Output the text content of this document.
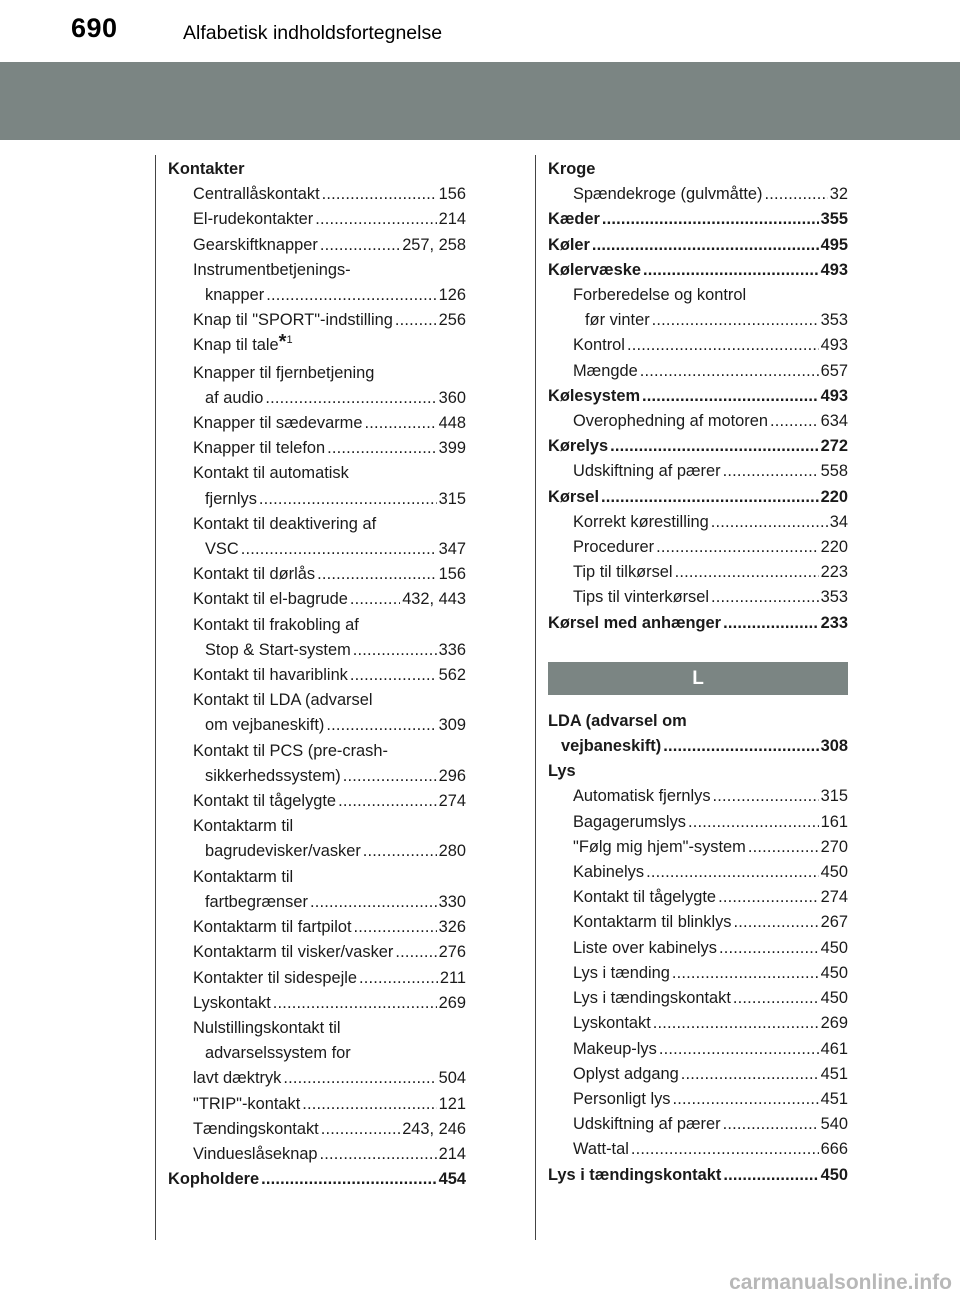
690	Alfabetisk indholdsfortegnelse
Kontakter
Centrallåskontakt .....	156
El-rudekontakter .....	214
Gearskiftknapper .....	257, 258
Instrumentbetjenings-
knapper .....	126
Knap til "SPORT"-indstilling .....	256
Knap til tale*$^1$
Knapper til fjernbetjening
af audio .....	360
Knapper til sædevarme .....	448
Knapper til telefon .....	399
Kontakt til automatisk
fjernlys .....	315
Kontakt til deaktivering af
VSC .....	347
Kontakt til dørlås .....	156
Kontakt til el-bagrude .....	432, 443
Kontakt til frakobling af
Stop & Start-system .....	336
Kontakt til havariblink .....	562
Kontakt til LDA (advarsel
om vejbaneskift) .....	309
Kontakt til PCS (pre-crash-
sikkerhedssystem) .....	296
Kontakt til tågelygte .....	274
Kontaktarm til
bagrudevisker/vasker .....	280
Kontaktarm til
fartbegrænser .....	330
Kontaktarm til fartpilot .....	326
Kontaktarm til visker/vasker .....	276
Kontakter til sidespejle .....	211
Lyskontakt .....	269
Nulstillingskontakt til
advarselssystem for
lavt dæktryk .....	504
"TRIP"-kontakt .....	121
Tændingskontakt .....	243, 246
Vindueslåseknap .....	214
Kopholdere .....	454
Kroge
Spændekroge (gulvmåtte) .....	32
Kæder .....	355
Køler .....	495
Kølervæske .....	493
Forberedelse og kontrol
før vinter .....	353
Kontrol .....	493
Mængde .....	657
Kølesystem .....	493
Overophedning af motoren .....	634
Kørelys .....	272
Udskiftning af pærer .....	558
Kørsel .....	220
Korrekt kørestilling .....	34
Procedurer .....	220
Tip til tilkørsel .....	223
Tips til vinterkørsel .....	353
Kørsel med anhænger .....	233
L
LDA (advarsel om
vejbaneskift) .....	308
Lys
Automatisk fjernlys .....	315
Bagagerumslys .....	161
"Følg mig hjem"-system .....	270
Kabinelys .....	450
Kontakt til tågelygte .....	274
Kontaktarm til blinklys .....	267
Liste over kabinelys .....	450
Lys i tænding .....	450
Lys i tændingskontakt .....	450
Lyskontakt .....	269
Makeup-lys .....	461
Oplyst adgang .....	451
Personligt lys .....	451
Udskiftning af pærer .....	540
Watt-tal .....	666
Lys i tændingskontakt .....	450
carmanualsonline.info
